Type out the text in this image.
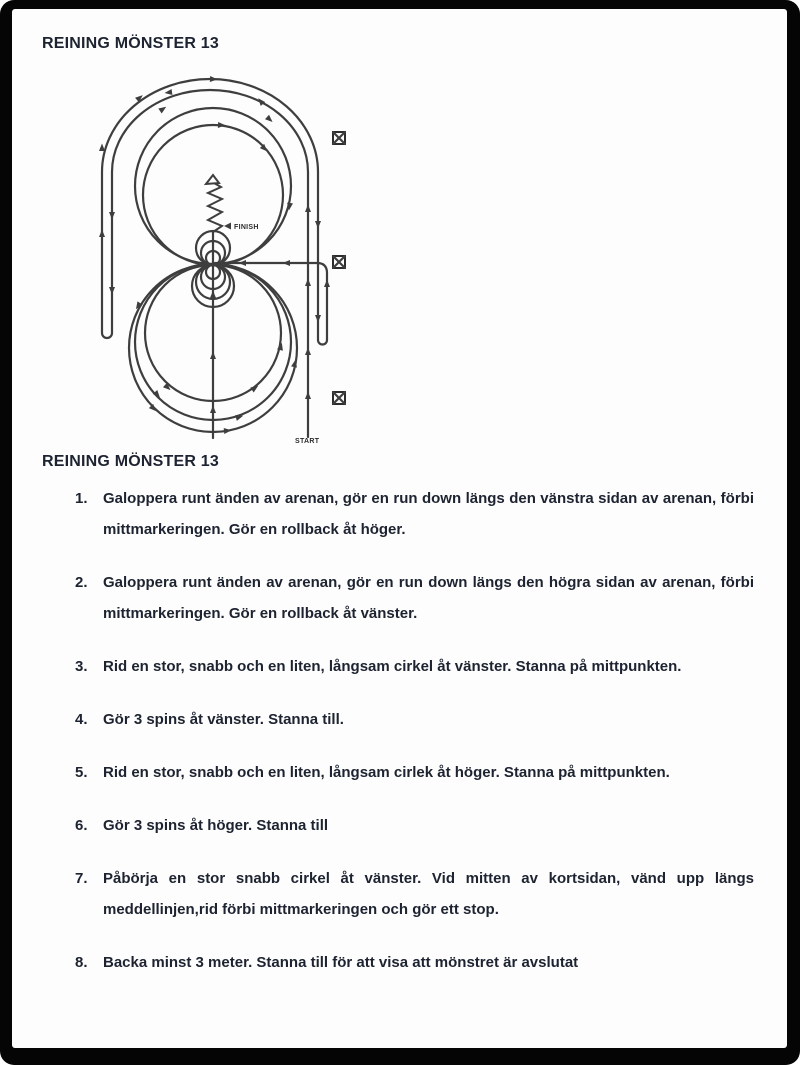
REINING MÖNSTER 13
FINISH
START
REINING MÖNSTER 13
1.	Galoppera runt änden av arenan, gör en run down längs den vänstra sidan av arenan, förbi mittmarkeringen. Gör en rollback åt höger.
2.	Galoppera runt änden av arenan, gör en run down längs den högra sidan av arenan, förbi mittmarkeringen. Gör en rollback åt vänster.
3.	Rid en stor, snabb och en liten, långsam cirkel åt vänster. Stanna på mittpunkten.
4.	Gör 3 spins åt vänster. Stanna till.
5.	Rid en stor, snabb och en liten, långsam cirlek åt höger. Stanna på mittpunkten.
6.	Gör 3 spins åt höger. Stanna till
7.	Påbörja en stor snabb cirkel åt vänster. Vid mitten av kortsidan, vänd upp längs meddellinjen,rid förbi mittmarkeringen och gör ett stop.
8.	Backa minst 3 meter. Stanna till för att visa att mönstret är avslutat
